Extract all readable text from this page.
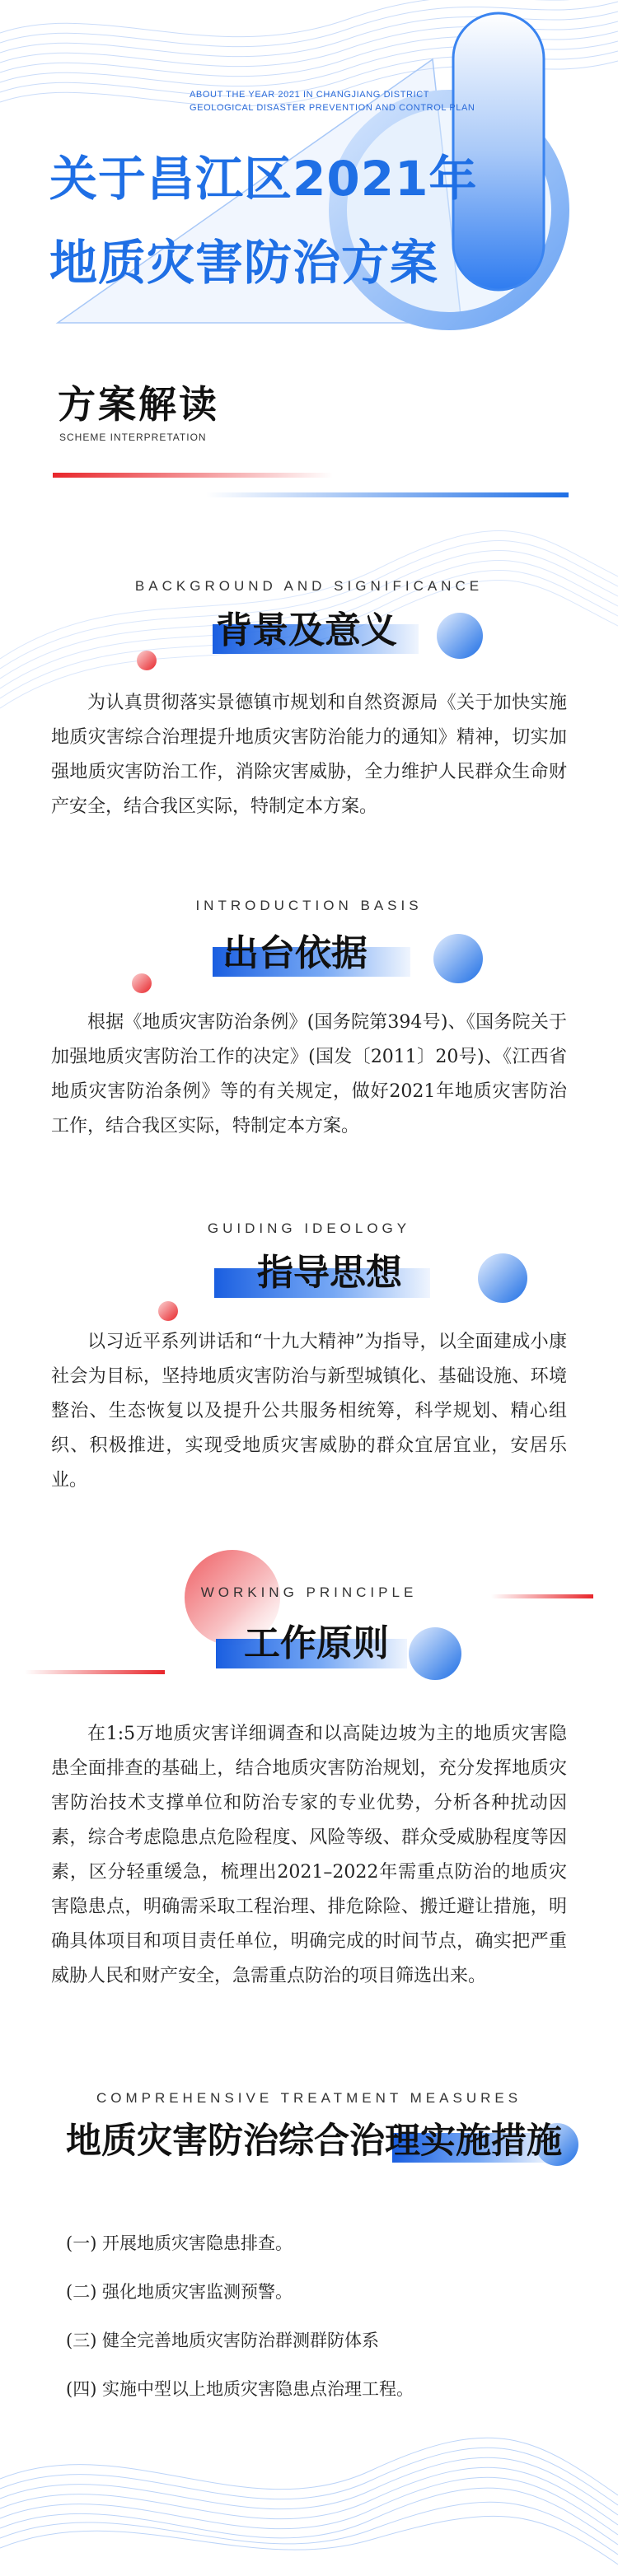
ABOUT THE YEAR 2021 IN CHANGJIANG DISTRICT
GEOLOGICAL DISASTER PREVENTION AND CONTROL PLAN
关于昌江区2021年
地质灾害防治方案
方案解读
SCHEME INTERPRETATION
BACKGROUND AND SIGNIFICANCE
背景及意义
为认真贯彻落实景德镇市规划和自然资源局《关于加快实施地质灾害综合治理提升地质灾害防治能力的通知》精神，切实加强地质灾害防治工作，消除灾害威胁，全力维护人民群众生命财产安全，结合我区实际，特制定本方案。
INTRODUCTION BASIS
出台依据
根据《地质灾害防治条例》(国务院第394号)、《国务院关于加强地质灾害防治工作的决定》(国发〔2011〕20号)、《江西省地质灾害防治条例》等的有关规定，做好2021年地质灾害防治工作，结合我区实际，特制定本方案。
GUIDING IDEOLOGY
指导思想
以习近平系列讲话和“十九大精神”为指导，以全面建成小康社会为目标，坚持地质灾害防治与新型城镇化、基础设施、环境整治、生态恢复以及提升公共服务相统筹，科学规划、精心组织、积极推进，实现受地质灾害威胁的群众宜居宜业，安居乐业。
WORKING PRINCIPLE
工作原则
在1:5万地质灾害详细调查和以高陡边坡为主的地质灾害隐患全面排查的基础上，结合地质灾害防治规划，充分发挥地质灾害防治技术支撑单位和防治专家的专业优势，分析各种扰动因素，综合考虑隐患点危险程度、风险等级、群众受威胁程度等因素，区分轻重缓急，梳理出2021–2022年需重点防治的地质灾害隐患点，明确需采取工程治理、排危除险、搬迁避让措施，明确具体项目和项目责任单位，明确完成的时间节点，确实把严重威胁人民和财产安全，急需重点防治的项目筛选出来。
COMPREHENSIVE TREATMENT MEASURES
地质灾害防治综合治理实施措施
(一) 开展地质灾害隐患排查。
(二) 强化地质灾害监测预警。
(三) 健全完善地质灾害防治群测群防体系
(四) 实施中型以上地质灾害隐患点治理工程。
